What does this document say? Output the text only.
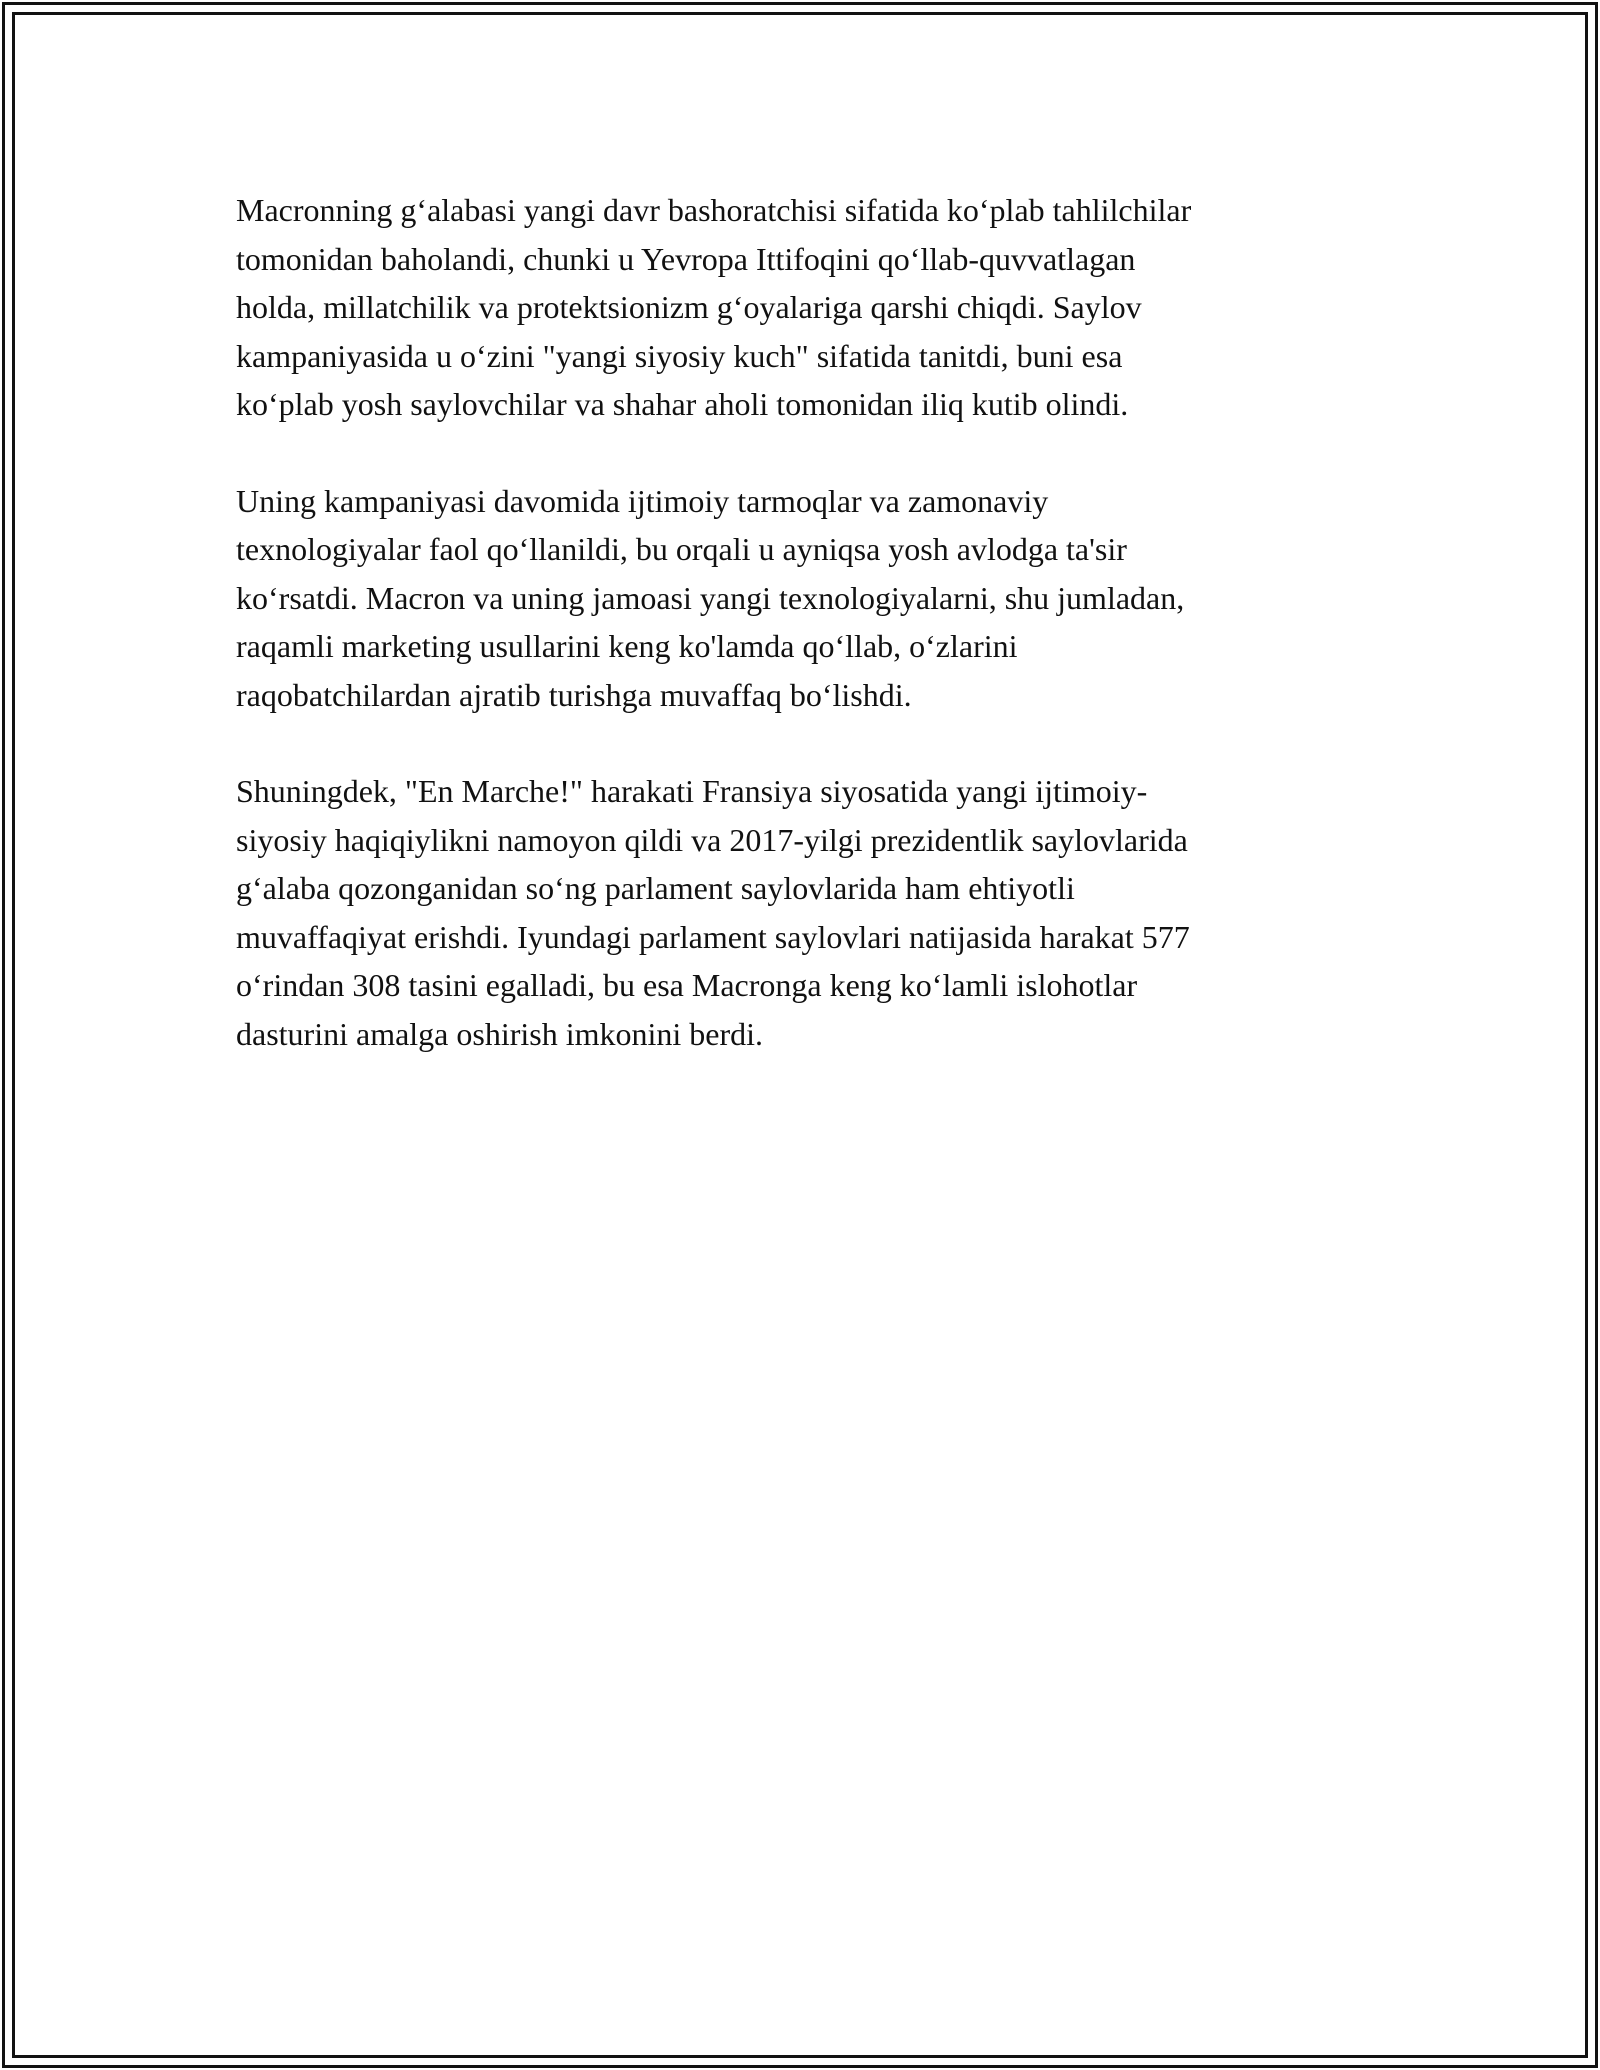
Macronning g‘alabasi yangi davr bashoratchisi sifatida ko‘plab tahlilchilar
tomonidan baholandi, chunki u Yevropa Ittifoqini qo‘llab-quvvatlagan
holda, millatchilik va protektsionizm g‘oyalariga qarshi chiqdi. Saylov
kampaniyasida u o‘zini "yangi siyosiy kuch" sifatida tanitdi, buni esa
ko‘plab yosh saylovchilar va shahar aholi tomonidan iliq kutib olindi.

Uning kampaniyasi davomida ijtimoiy tarmoqlar va zamonaviy
texnologiyalar faol qo‘llanildi, bu orqali u ayniqsa yosh avlodga ta'sir
ko‘rsatdi. Macron va uning jamoasi yangi texnologiyalarni, shu jumladan,
raqamli marketing usullarini keng ko'lamda qo‘llab, o‘zlarini
raqobatchilardan ajratib turishga muvaffaq bo‘lishdi.

Shuningdek, "En Marche!" harakati Fransiya siyosatida yangi ijtimoiy-
siyosiy haqiqiylikni namoyon qildi va 2017-yilgi prezidentlik saylovlarida
g‘alaba qozonganidan so‘ng parlament saylovlarida ham ehtiyotli
muvaffaqiyat erishdi. Iyundagi parlament saylovlari natijasida harakat 577
o‘rindan 308 tasini egalladi, bu esa Macronga keng ko‘lamli islohotlar
dasturini amalga oshirish imkonini berdi.
